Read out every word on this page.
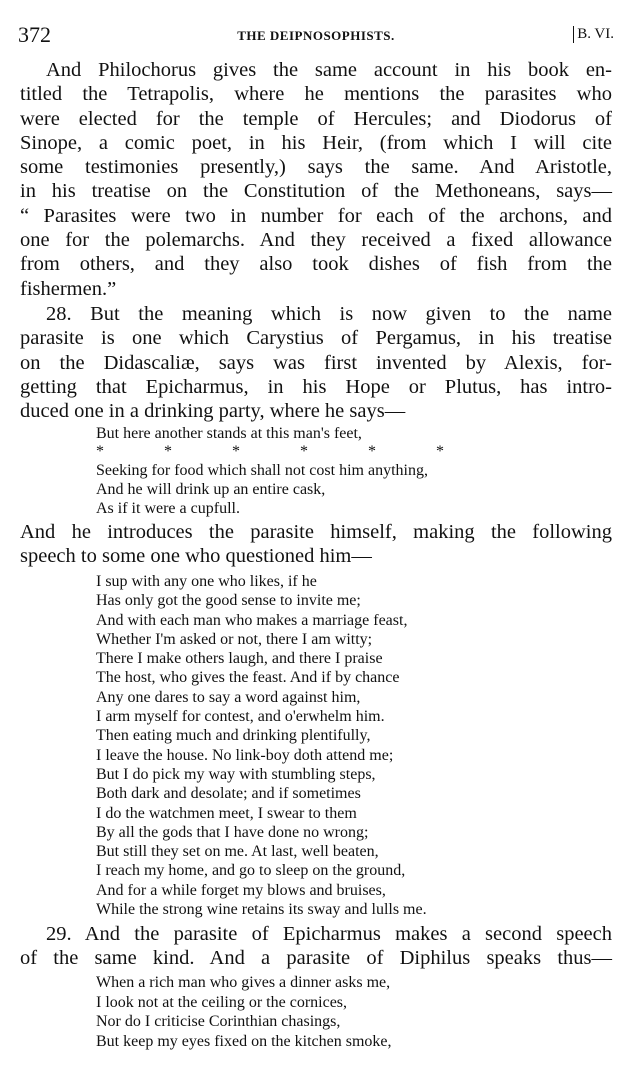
372	THE DEIPNOSOPHISTS.	B. VI.
And Philochorus gives the same account in his book en-
titled the Tetrapolis, where he mentions the parasites who
were elected for the temple of Hercules; and Diodorus of
Sinope, a comic poet, in his Heir, (from which I will cite
some testimonies presently,) says the same. And Aristotle,
in his treatise on the Constitution of the Methoneans, says—
“ Parasites were two in number for each of the archons, and
one for the polemarchs. And they received a fixed allowance
from others, and they also took dishes of fish from the
fishermen.”
28. But the meaning which is now given to the name
parasite is one which Carystius of Pergamus, in his treatise
on the Didascaliæ, says was first invented by Alexis, for-
getting that Epicharmus, in his Hope or Plutus, has intro-
duced one in a drinking party, where he says—
But here another stands at this man's feet,
*	*	*	*	*	*
Seeking for food which shall not cost him anything,
And he will drink up an entire cask,
As if it were a cupfull.
And he introduces the parasite himself, making the following
speech to some one who questioned him—
I sup with any one who likes, if he
Has only got the good sense to invite me;
And with each man who makes a marriage feast,
Whether I'm asked or not, there I am witty;
There I make others laugh, and there I praise
The host, who gives the feast. And if by chance
Any one dares to say a word against him,
I arm myself for contest, and o'erwhelm him.
Then eating much and drinking plentifully,
I leave the house. No link-boy doth attend me;
But I do pick my way with stumbling steps,
Both dark and desolate; and if sometimes
I do the watchmen meet, I swear to them
By all the gods that I have done no wrong;
But still they set on me. At last, well beaten,
I reach my home, and go to sleep on the ground,
And for a while forget my blows and bruises,
While the strong wine retains its sway and lulls me.
29. And the parasite of Epicharmus makes a second speech
of the same kind. And a parasite of Diphilus speaks thus—
When a rich man who gives a dinner asks me,
I look not at the ceiling or the cornices,
Nor do I criticise Corinthian chasings,
But keep my eyes fixed on the kitchen smoke,
